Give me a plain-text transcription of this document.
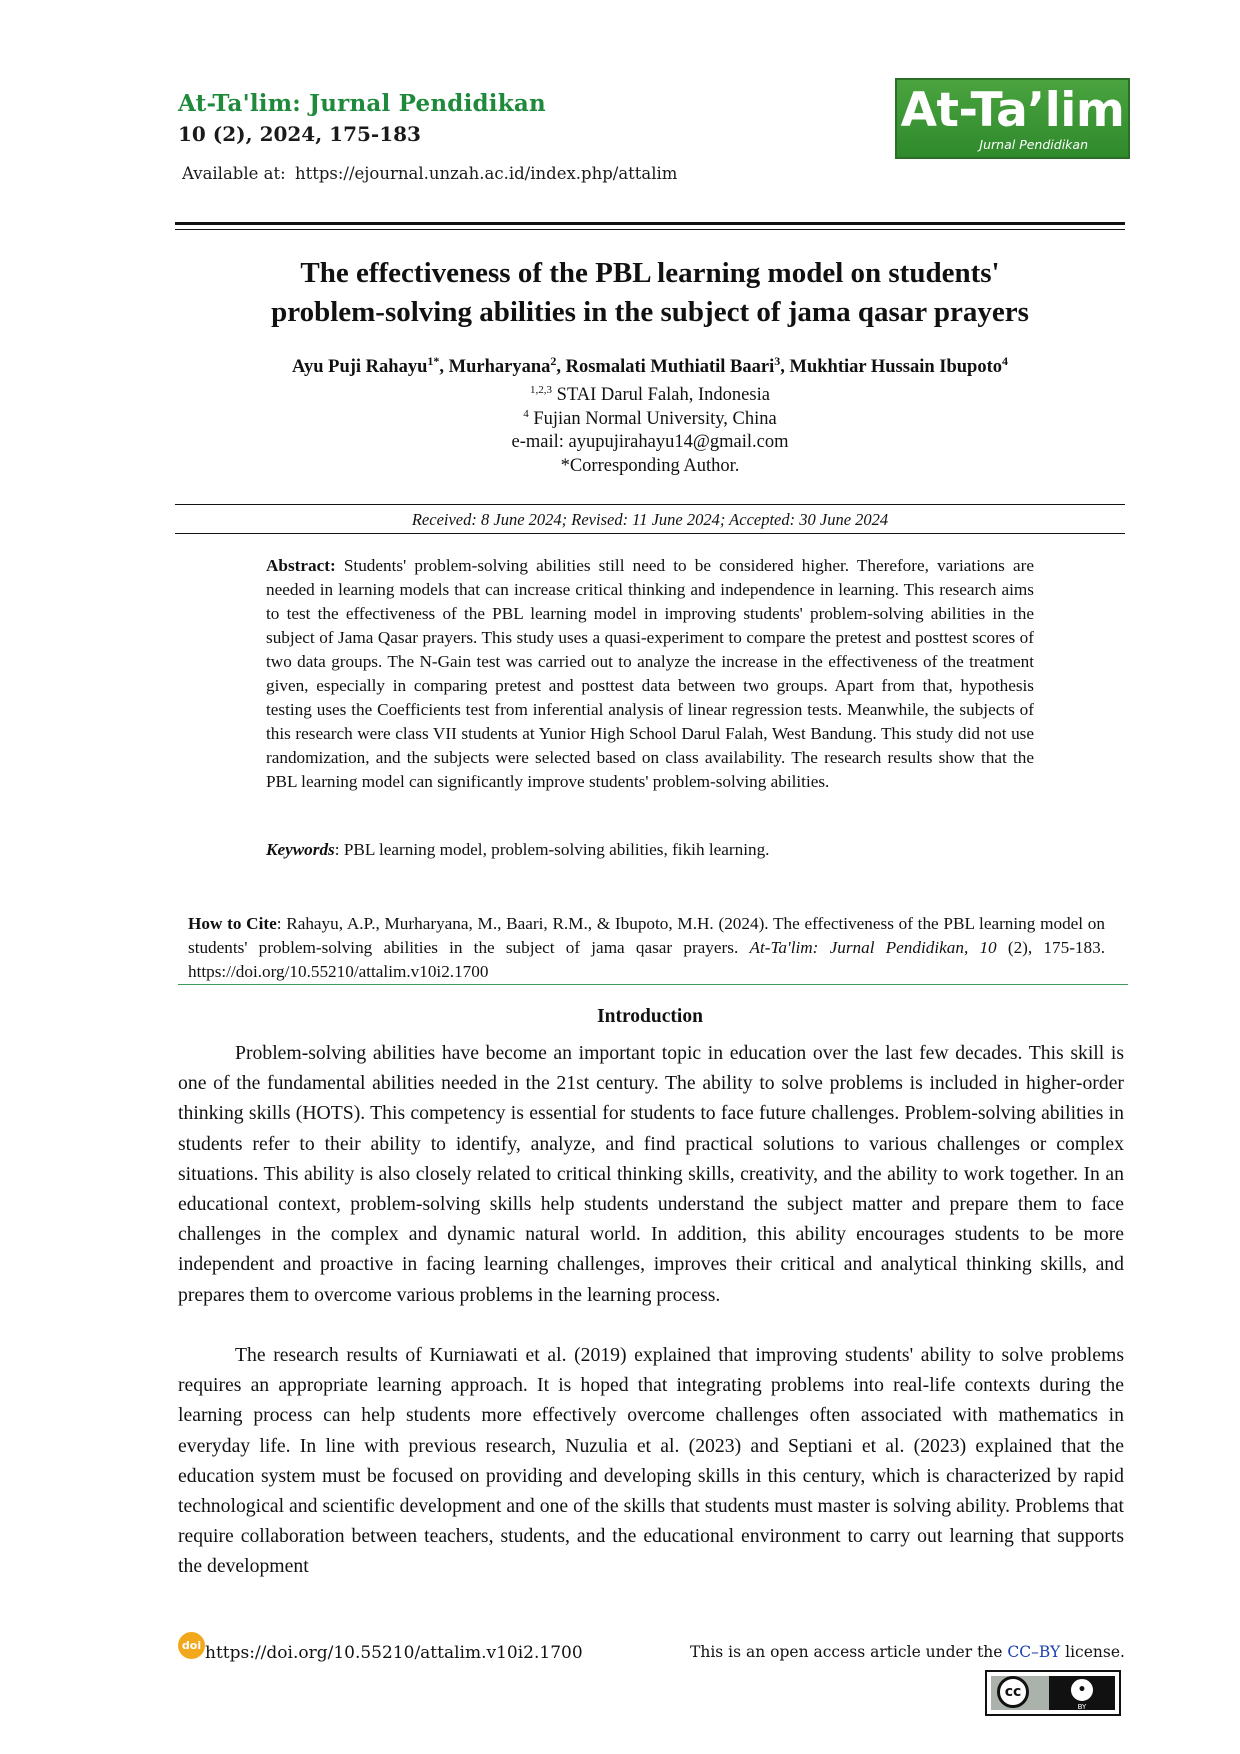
At-Ta'lim: Jurnal Pendidikan
10 (2), 2024, 175-183
Available at: https://ejournal.unzah.ac.id/index.php/attalim
At-Ta’lim
Jurnal Pendidikan
The effectiveness of the PBL learning model on students'
problem-solving abilities in the subject of jama qasar prayers
Ayu Puji Rahayu$^{1*}$, Murharyana$^2$, Rosmalati Muthiatil Baari$^3$, Mukhtiar Hussain Ibupoto$^4$
$^{1,2,3}$ STAI Darul Falah, Indonesia
$^4$ Fujian Normal University, China
e-mail: ayupujirahayu14@gmail.com
*Corresponding Author.
Received: 8 June 2024; Revised: 11 June 2024; Accepted: 30 June 2024
Abstract: Students' problem-solving abilities still need to be considered higher. Therefore, variations are needed in learning models that can increase critical thinking and independence in learning. This research aims to test the effectiveness of the PBL learning model in improving students' problem-solving abilities in the subject of Jama Qasar prayers. This study uses a quasi-experiment to compare the pretest and posttest scores of two data groups. The N-Gain test was carried out to analyze the increase in the effectiveness of the treatment given, especially in comparing pretest and posttest data between two groups. Apart from that, hypothesis testing uses the Coefficients test from inferential analysis of linear regression tests. Meanwhile, the subjects of this research were class VII students at Yunior High School Darul Falah, West Bandung. This study did not use randomization, and the subjects were selected based on class availability. The research results show that the PBL learning model can significantly improve students' problem-solving abilities.
Keywords: PBL learning model, problem-solving abilities, fikih learning.
How to Cite: Rahayu, A.P., Murharyana, M., Baari, R.M., & Ibupoto, M.H. (2024). The effectiveness of the PBL learning model on students' problem-solving abilities in the subject of jama qasar prayers. At-Ta'lim: Jurnal Pendidikan, 10 (2), 175-183. https://doi.org/10.55210/attalim.v10i2.1700
Introduction
Problem-solving abilities have become an important topic in education over the last few decades. This skill is one of the fundamental abilities needed in the 21st century. The ability to solve problems is included in higher-order thinking skills (HOTS). This competency is essential for students to face future challenges. Problem-solving abilities in students refer to their ability to identify, analyze, and find practical solutions to various challenges or complex situations. This ability is also closely related to critical thinking skills, creativity, and the ability to work together. In an educational context, problem-solving skills help students understand the subject matter and prepare them to face challenges in the complex and dynamic natural world. In addition, this ability encourages students to be more independent and proactive in facing learning challenges, improves their critical and analytical thinking skills, and prepares them to overcome various problems in the learning process.
The research results of Kurniawati et al. (2019) explained that improving students' ability to solve problems requires an appropriate learning approach. It is hoped that integrating problems into real-life contexts during the learning process can help students more effectively overcome challenges often associated with mathematics in everyday life. In line with previous research, Nuzulia et al. (2023) and Septiani et al. (2023) explained that the education system must be focused on providing and developing skills in this century, which is characterized by rapid technological and scientific development and one of the skills that students must master is solving ability. Problems that require collaboration between teachers, students, and the educational environment to carry out learning that supports the development
This is an open access article under the CC–BY license.
doi https://doi.org/10.55210/attalim.v10i2.1700
cc	•
BY
